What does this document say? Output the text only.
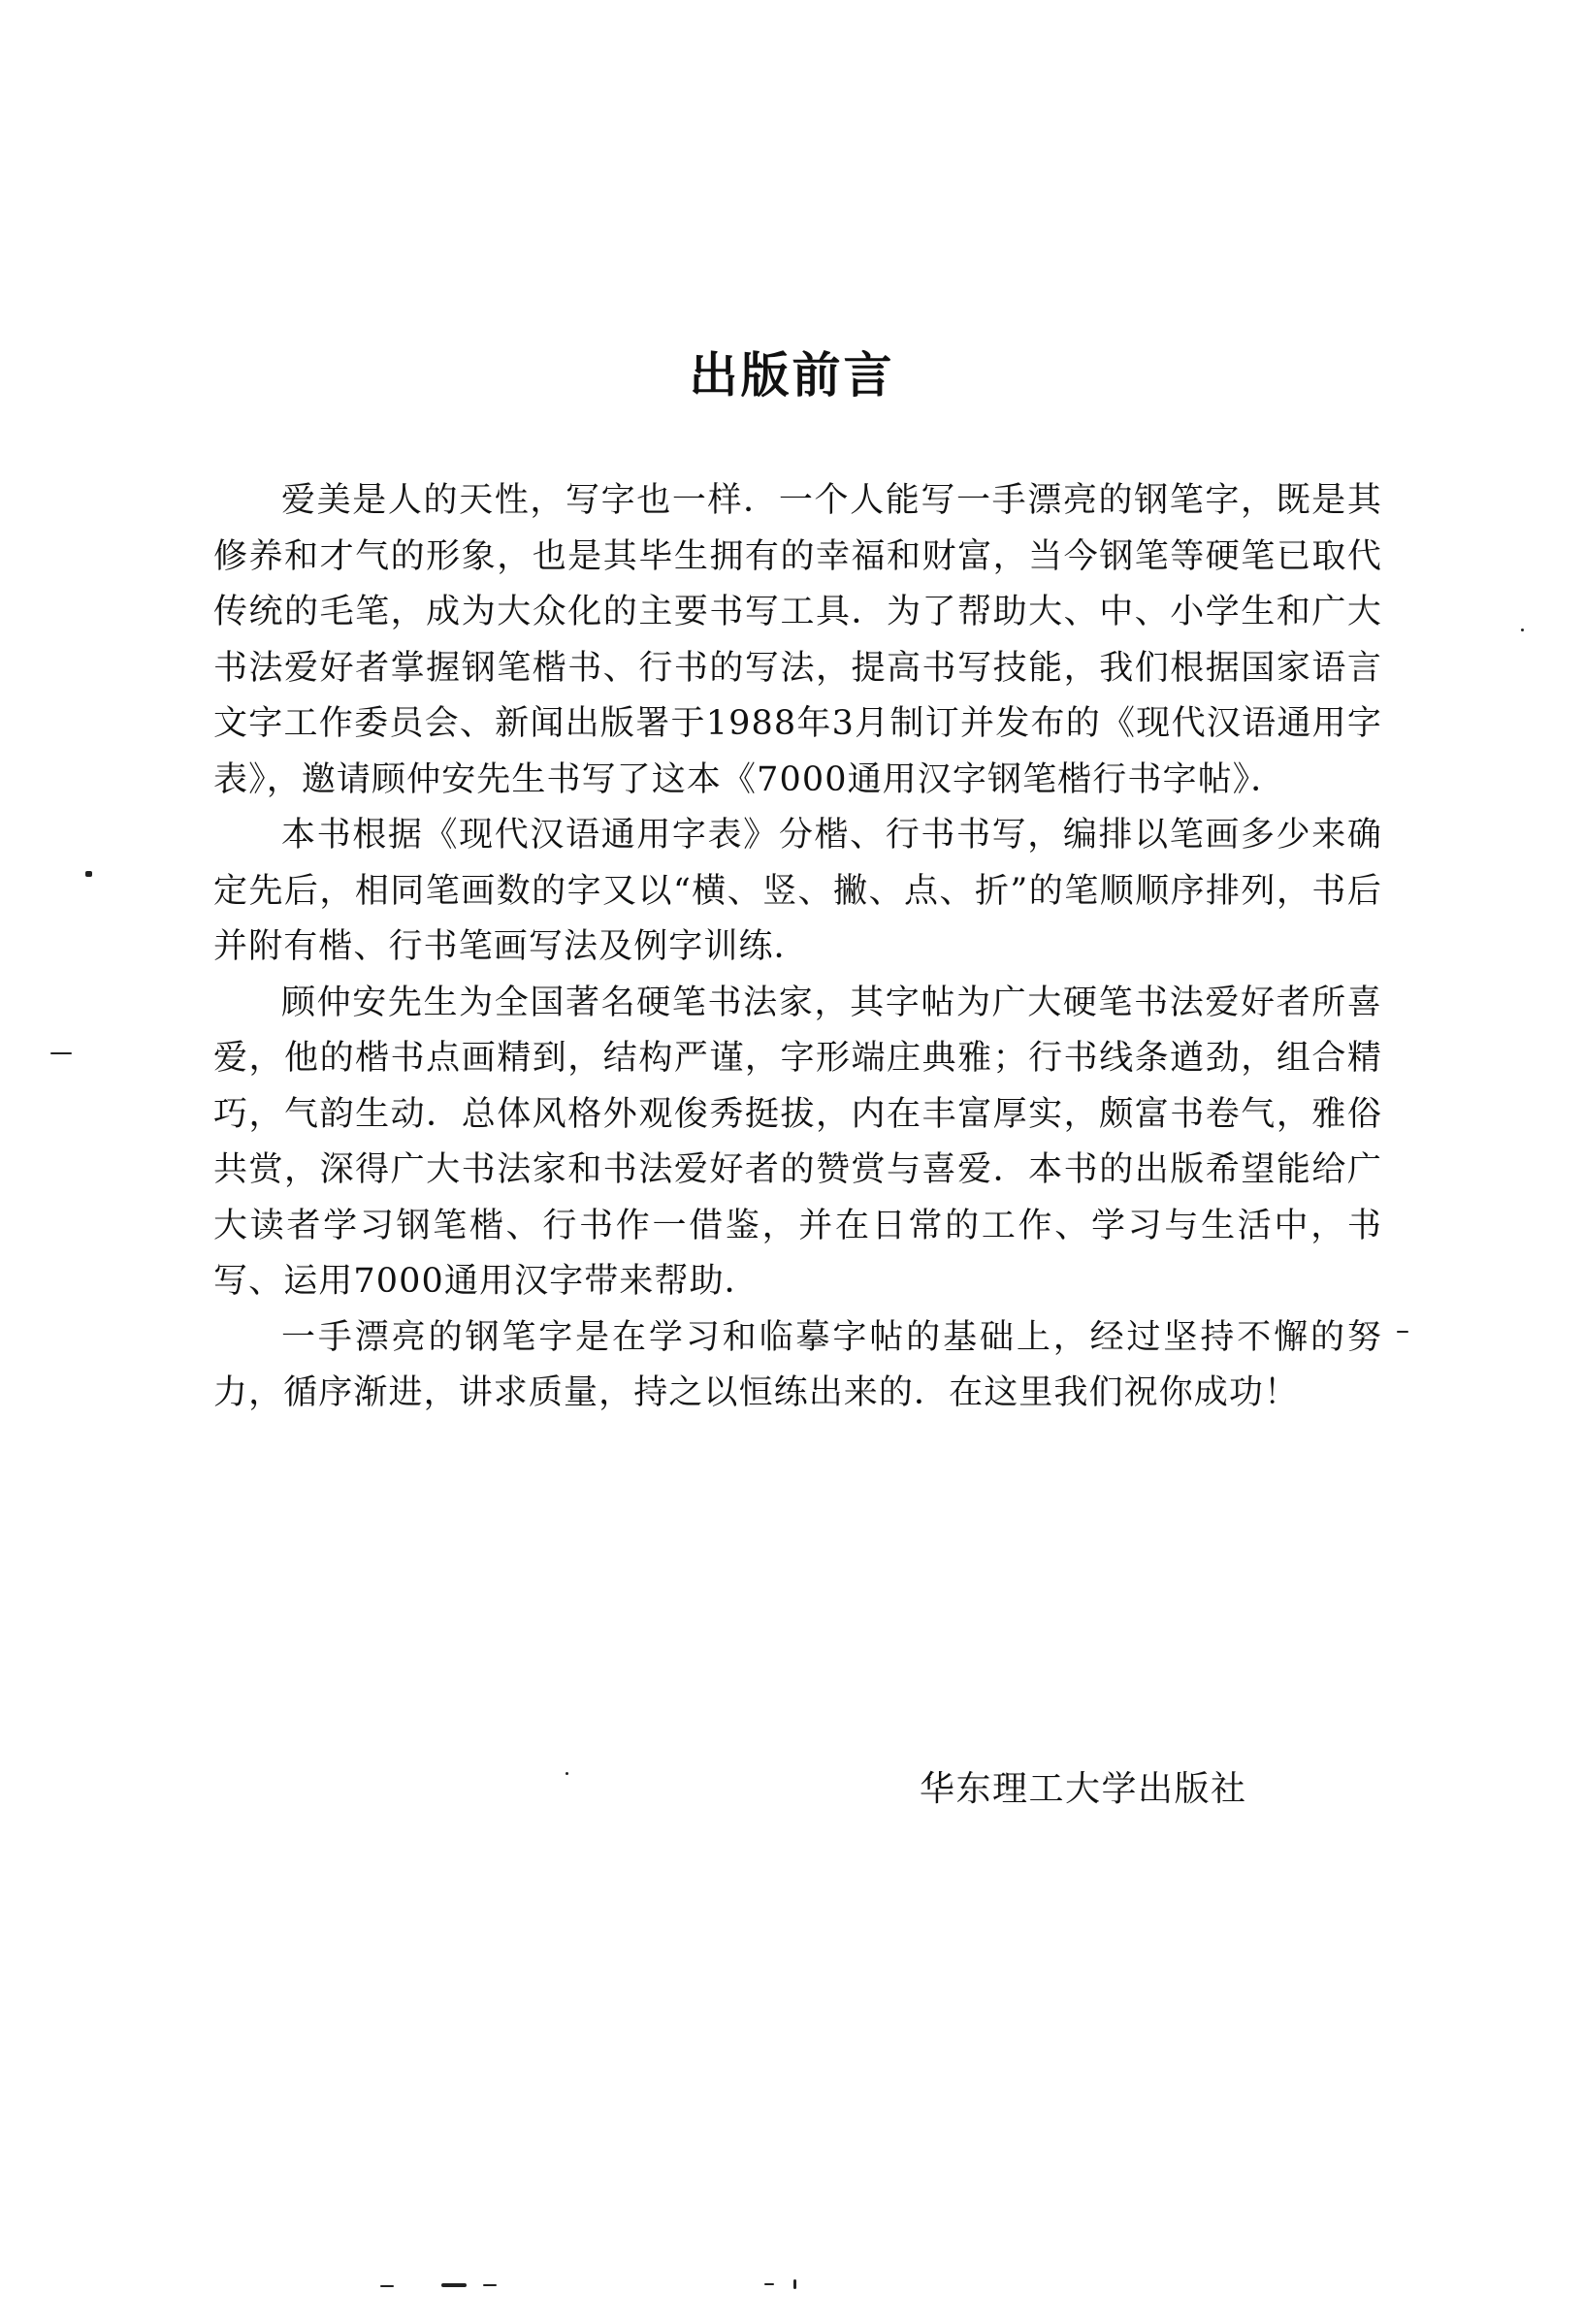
出版前言

爱美是人的天性，写字也一样．一个人能写一手漂亮的钢笔字，既是其修养和才气的形象，也是其毕生拥有的幸福和财富，当今钢笔等硬笔已取代传统的毛笔，成为大众化的主要书写工具．为了帮助大、中、小学生和广大书法爱好者掌握钢笔楷书、行书的写法，提高书写技能，我们根据国家语言文字工作委员会、新闻出版署于1988年3月制订并发布的《现代汉语通用字表》，邀请顾仲安先生书写了这本《7000通用汉字钢笔楷行书字帖》．

本书根据《现代汉语通用字表》分楷、行书书写，编排以笔画多少来确定先后，相同笔画数的字又以“横、竖、撇、点、折”的笔顺顺序排列，书后并附有楷、行书笔画写法及例字训练．

顾仲安先生为全国著名硬笔书法家，其字帖为广大硬笔书法爱好者所喜爱，他的楷书点画精到，结构严谨，字形端庄典雅；行书线条遒劲，组合精巧，气韵生动．总体风格外观俊秀挺拔，内在丰富厚实，颇富书卷气，雅俗共赏，深得广大书法家和书法爱好者的赞赏与喜爱．本书的出版希望能给广大读者学习钢笔楷、行书作一借鉴，并在日常的工作、学习与生活中，书写、运用7000通用汉字带来帮助．

一手漂亮的钢笔字是在学习和临摹字帖的基础上，经过坚持不懈的努力，循序渐进，讲求质量，持之以恒练出来的．在这里我们祝你成功！

华东理工大学出版社
